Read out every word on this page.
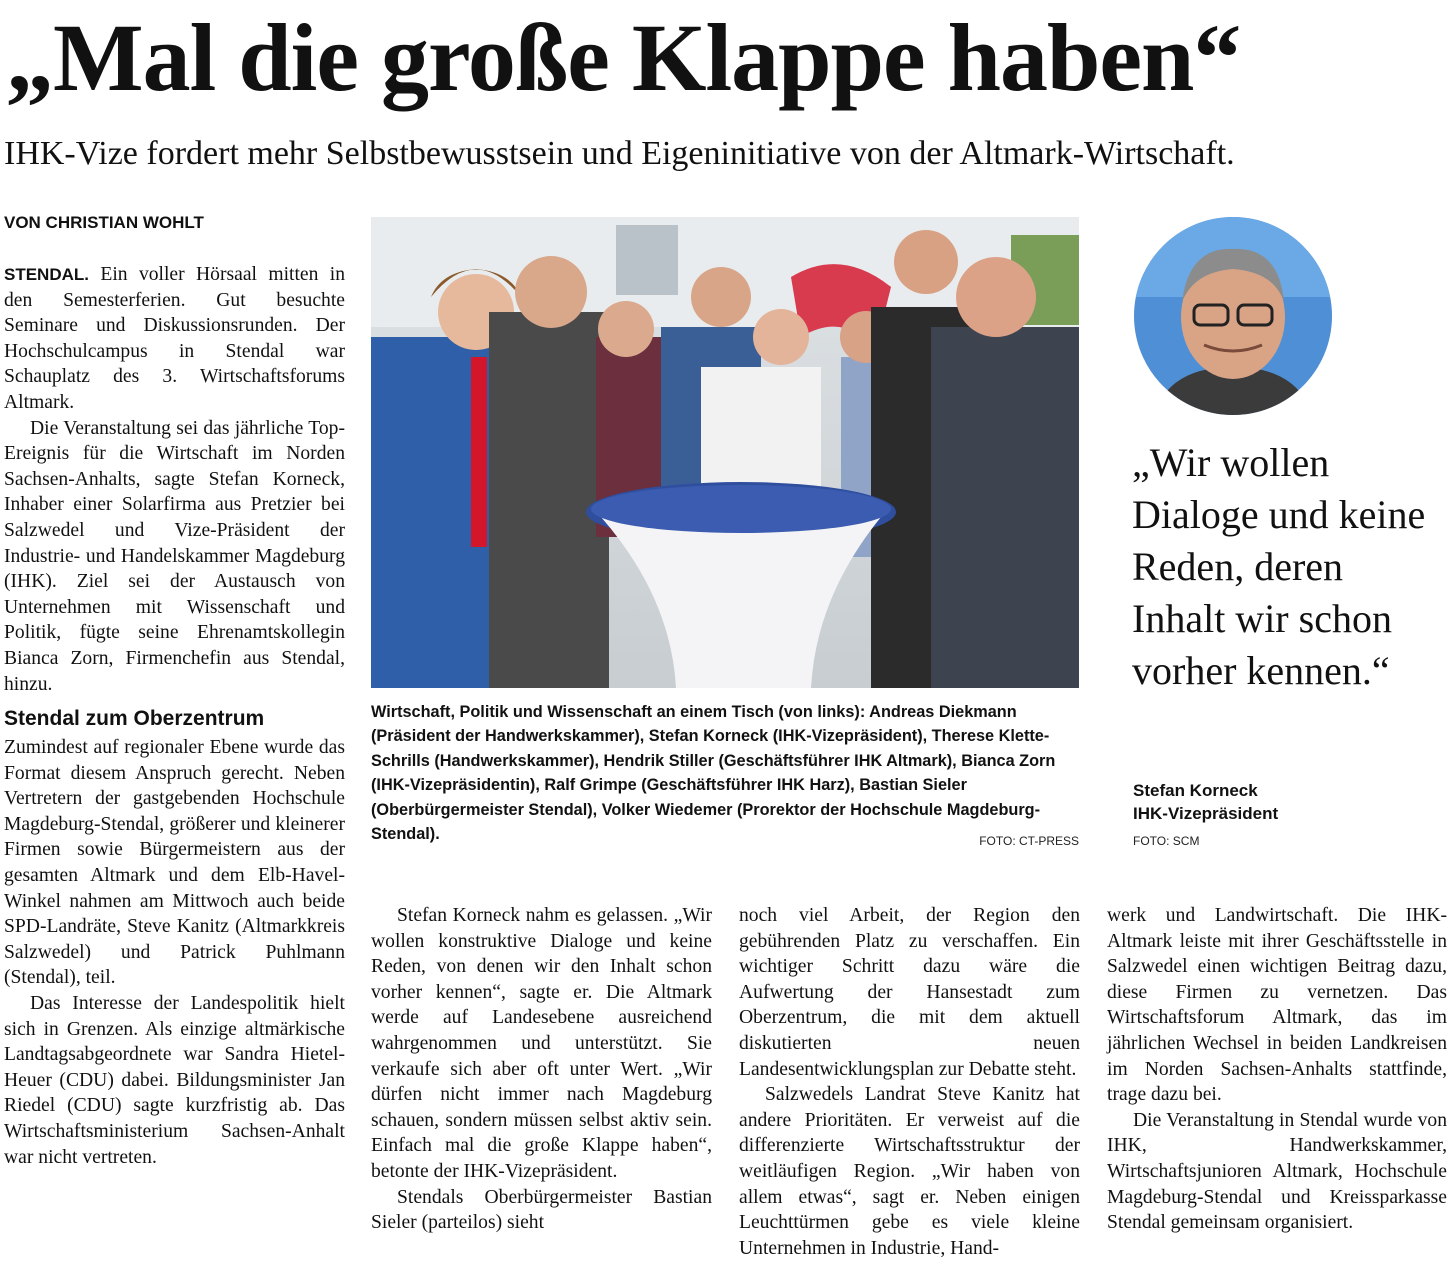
„Mal die große Klappe haben“
IHK-Vize fordert mehr Selbstbewusstsein und Eigeninitiative von der Altmark-Wirtschaft.
VON CHRISTIAN WOHLT

STENDAL. Ein voller Hörsaal mitten in den Semesterferien. Gut besuchte Seminare und Diskussionsrunden. Der Hochschulcampus in Stendal war Schauplatz des 3. Wirtschaftsforums Altmark.

Die Veranstaltung sei das jährliche Top-Ereignis für die Wirtschaft im Norden Sachsen-Anhalts, sagte Stefan Korneck, Inhaber einer Solarfirma aus Pretzier bei Salzwedel und Vize-Präsident der Industrie- und Handelskammer Magdeburg (IHK). Ziel sei der Austausch von Unternehmen mit Wissenschaft und Politik, fügte seine Ehrenamtskollegin Bianca Zorn, Firmenchefin aus Stendal, hinzu.

Stendal zum Oberzentrum

Zumindest auf regionaler Ebene wurde das Format diesem Anspruch gerecht. Neben Vertretern der gastgebenden Hochschule Magdeburg-Stendal, größerer und kleinerer Firmen sowie Bürgermeistern aus der gesamten Altmark und dem Elb-Havel-Winkel nahmen am Mittwoch auch beide SPD-Landräte, Steve Kanitz (Altmarkkreis Salzwedel) und Patrick Puhlmann (Stendal), teil.

Das Interesse der Landespolitik hielt sich in Grenzen. Als einzige altmärkische Landtagsabgeordnete war Sandra Hietel-Heuer (CDU) dabei. Bildungsminister Jan Riedel (CDU) sagte kurzfristig ab. Das Wirtschaftsministerium Sachsen-Anhalt war nicht vertreten.

Wirtschaft, Politik und Wissenschaft an einem Tisch (von links): Andreas Diekmann (Präsident der Handwerkskammer), Stefan Korneck (IHK-Vizepräsident), Therese Klette-Schrills (Handwerkskammer), Hendrik Stiller (Geschäftsführer IHK Altmark), Bianca Zorn (IHK-Vizepräsidentin), Ralf Grimpe (Geschäftsführer IHK Harz), Bastian Sieler (Oberbürgermeister Stendal), Volker Wiedemer (Prorektor der Hochschule Magdeburg-Stendal).	FOTO: CT-PRESS
„Wir wollen Dialoge und keine Reden, deren Inhalt wir schon vorher kennen.“
Stefan Korneck
IHK-Vizepräsident
FOTO: SCM

Stefan Korneck nahm es gelassen. „Wir wollen konstruktive Dialoge und keine Reden, von denen wir den Inhalt schon vorher kennen“, sagte er. Die Altmark werde auf Landesebene ausreichend wahrgenommen und unterstützt. Sie verkaufe sich aber oft unter Wert. „Wir dürfen nicht immer nach Magdeburg schauen, sondern müssen selbst aktiv sein. Einfach mal die große Klappe haben“, betonte der IHK-Vizepräsident.

Stendals Oberbürgermeister Bastian Sieler (parteilos) sieht

noch viel Arbeit, der Region den gebührenden Platz zu verschaffen. Ein wichtiger Schritt dazu wäre die Aufwertung der Hansestadt zum Oberzentrum, die mit dem aktuell diskutierten neuen Landesentwicklungsplan zur Debatte steht.

Salzwedels Landrat Steve Kanitz hat andere Prioritäten. Er verweist auf die differenzierte Wirtschaftsstruktur der weitläufigen Region. „Wir haben von allem etwas“, sagt er. Neben einigen Leuchttürmen gebe es viele kleine Unternehmen in Industrie, Hand-

werk und Landwirtschaft. Die IHK-Altmark leiste mit ihrer Geschäftsstelle in Salzwedel einen wichtigen Beitrag dazu, diese Firmen zu vernetzen. Das Wirtschaftsforum Altmark, das im jährlichen Wechsel in beiden Landkreisen im Norden Sachsen-Anhalts stattfinde, trage dazu bei.

Die Veranstaltung in Stendal wurde von IHK, Handwerkskammer, Wirtschaftsjunioren Altmark, Hochschule Magdeburg-Stendal und Kreissparkasse Stendal gemeinsam organisiert.
